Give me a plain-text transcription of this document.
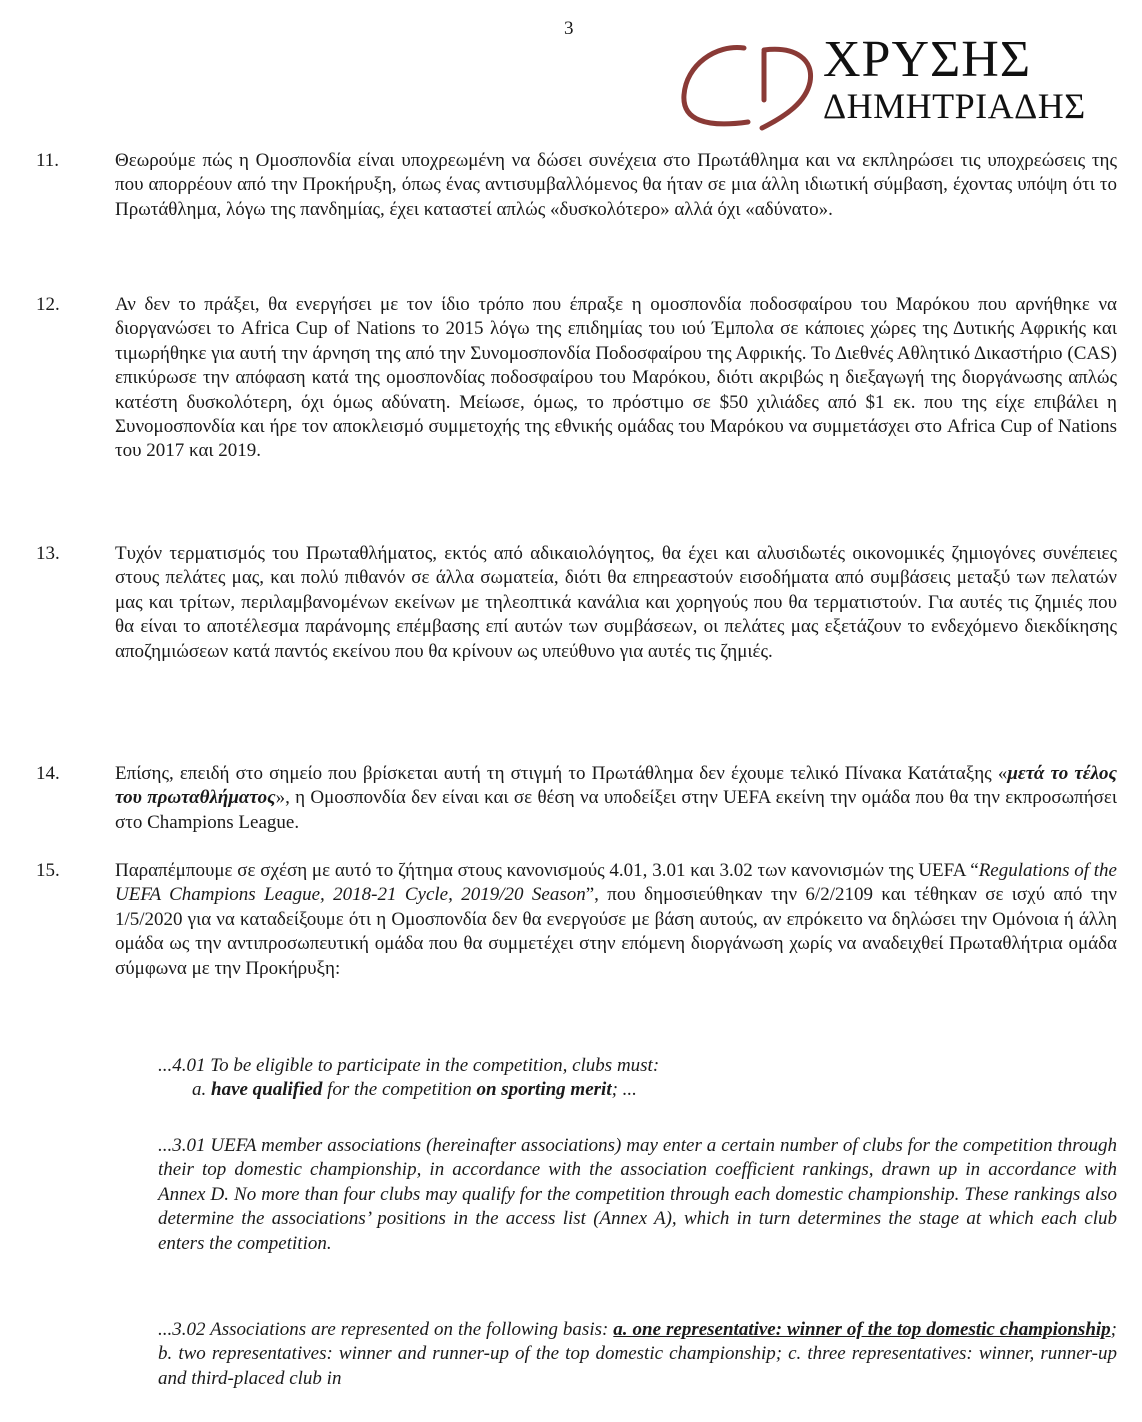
3
ΧΡΥΣΗΣ
ΔΗΜΗΤΡΙΑΔΗΣ
11.	Θεωρούμε πώς η Ομοσπονδία είναι υποχρεωμένη να δώσει συνέχεια στο Πρωτάθλημα και να εκπληρώσει τις υποχρεώσεις της που απορρέουν από την Προκήρυξη, όπως ένας αντισυμβαλλόμενος θα ήταν σε μια άλλη ιδιωτική σύμβαση, έχοντας υπόψη ότι το Πρωτάθλημα, λόγω της πανδημίας, έχει καταστεί απλώς «δυσκολότερο» αλλά όχι «αδύνατο».
12.	Αν δεν το πράξει, θα ενεργήσει με τον ίδιο τρόπο που έπραξε η ομοσπονδία ποδοσφαίρου του Μαρόκου που αρνήθηκε να διοργανώσει το Africa Cup of Nations το 2015 λόγω της επιδημίας του ιού Έμπολα σε κάποιες χώρες της Δυτικής Αφρικής και τιμωρήθηκε για αυτή την άρνηση της από την Συνομοσπονδία Ποδοσφαίρου της Αφρικής. Το Διεθνές Αθλητικό Δικαστήριο (CAS) επικύρωσε την απόφαση κατά της ομοσπονδίας ποδοσφαίρου του Μαρόκου, διότι ακριβώς η διεξαγωγή της διοργάνωσης απλώς κατέστη δυσκολότερη, όχι όμως αδύνατη. Μείωσε, όμως, το πρόστιμο σε $50 χιλιάδες από $1 εκ. που της είχε επιβάλει η Συνομοσπονδία και ήρε τον αποκλεισμό συμμετοχής της εθνικής ομάδας του Μαρόκου να συμμετάσχει στο Africa Cup of Nations του 2017 και 2019.
13.	Τυχόν τερματισμός του Πρωταθλήματος, εκτός από αδικαιολόγητος, θα έχει και αλυσιδωτές οικονομικές ζημιογόνες συνέπειες στους πελάτες μας, και πολύ πιθανόν σε άλλα σωματεία, διότι θα επηρεαστούν εισοδήματα από συμβάσεις μεταξύ των πελατών μας και τρίτων, περιλαμβανομένων εκείνων με τηλεοπτικά κανάλια και χορηγούς που θα τερματιστούν. Για αυτές τις ζημιές που θα είναι το αποτέλεσμα παράνομης επέμβασης επί αυτών των συμβάσεων, οι πελάτες μας εξετάζουν το ενδεχόμενο διεκδίκησης αποζημιώσεων κατά παντός εκείνου που θα κρίνουν ως υπεύθυνο για αυτές τις ζημιές.
14.	Επίσης, επειδή στο σημείο που βρίσκεται αυτή τη στιγμή το Πρωτάθλημα δεν έχουμε τελικό Πίνακα Κατάταξης «μετά το τέλος του πρωταθλήματος», η Ομοσπονδία δεν είναι και σε θέση να υποδείξει στην UEFA εκείνη την ομάδα που θα την εκπροσωπήσει στο Champions League.
15.	Παραπέμπουμε σε σχέση με αυτό το ζήτημα στους κανονισμούς 4.01, 3.01 και 3.02 των κανονισμών της UEFA “Regulations of the UEFA Champions League, 2018-21 Cycle, 2019/20 Season”, που δημοσιεύθηκαν την 6/2/2109 και τέθηκαν σε ισχύ από την 1/5/2020 για να καταδείξουμε ότι η Ομοσπονδία δεν θα ενεργούσε με βάση αυτούς, αν επρόκειτο να δηλώσει την Ομόνοια ή άλλη ομάδα ως την αντιπροσωπευτική ομάδα που θα συμμετέχει στην επόμενη διοργάνωση χωρίς να αναδειχθεί Πρωταθλήτρια ομάδα σύμφωνα με την Προκήρυξη:
...4.01 To be eligible to participate in the competition, clubs must:
a. have qualified for the competition on sporting merit; ...
...3.01 UEFA member associations (hereinafter associations) may enter a certain number of clubs for the competition through their top domestic championship, in accordance with the association coefficient rankings, drawn up in accordance with Annex D. No more than four clubs may qualify for the competition through each domestic championship. These rankings also determine the associations’ positions in the access list (Annex A), which in turn determines the stage at which each club enters the competition.
...3.02 Associations are represented on the following basis: a. one representative: winner of the top domestic championship; b. two representatives: winner and runner-up of the top domestic championship; c. three representatives: winner, runner-up and third-placed club in
